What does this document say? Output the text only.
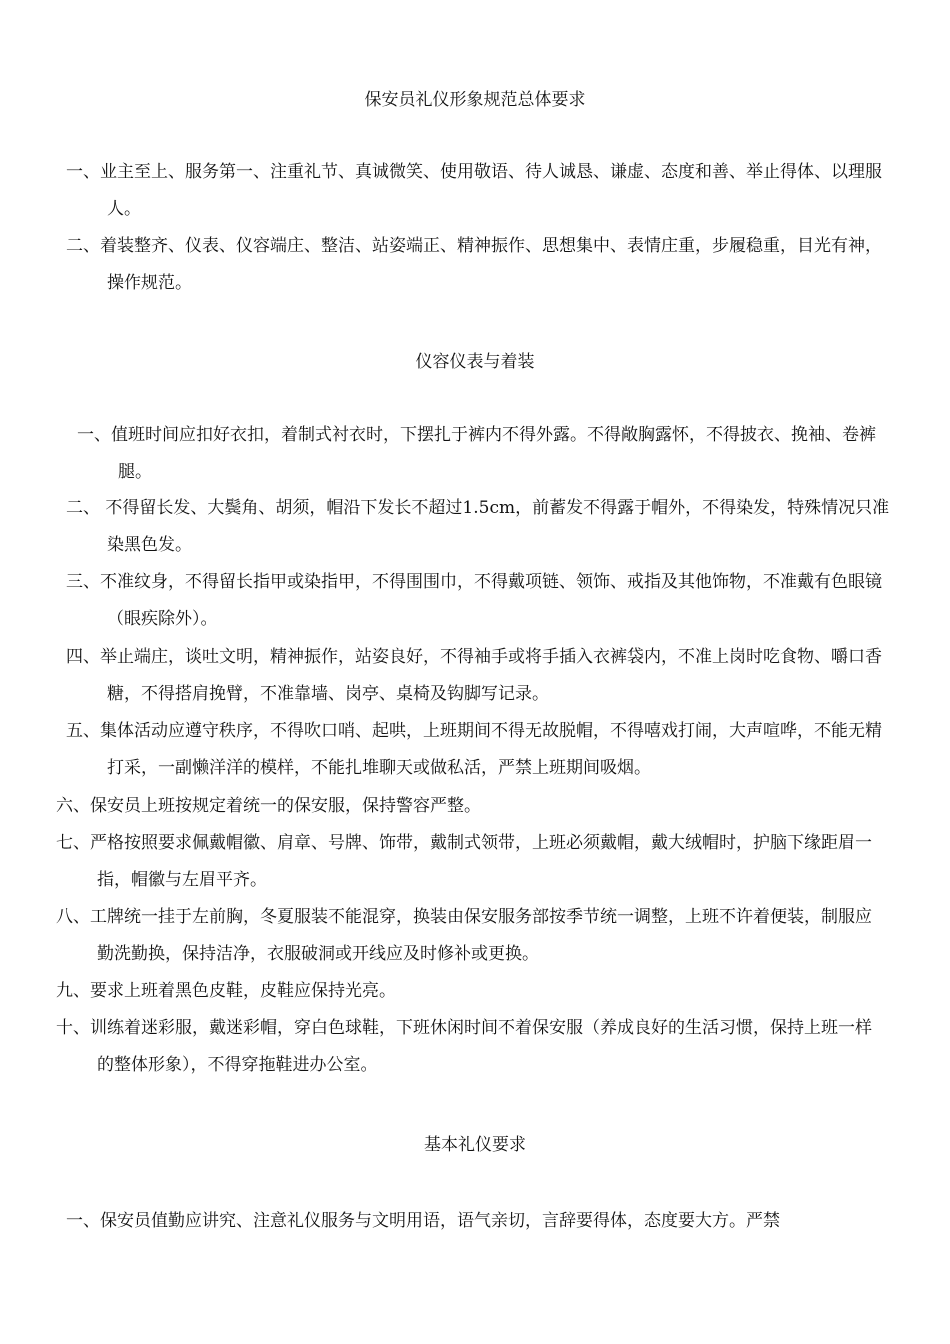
保安员礼仪形象规范总体要求
仪容仪表与着装
基本礼仪要求
一、业主至上、服务第一、注重礼节、真诚微笑、使用敬语、待人诚恳、谦虚、态度和善、举止得体、以理服人。
二、着装整齐、仪表、仪容端庄、整洁、站姿端正、精神振作、思想集中、表情庄重，步履稳重，目光有神，操作规范。
一、值班时间应扣好衣扣，着制式衬衣时，下摆扎于裤内不得外露。不得敞胸露怀，不得披衣、挽袖、卷裤腿。
二、 不得留长发、大鬓角、胡须，帽沿下发长不超过1.5cm，前蓄发不得露于帽外，不得染发，特殊情况只准染黑色发。
三、不准纹身，不得留长指甲或染指甲，不得围围巾，不得戴项链、领饰、戒指及其他饰物，不准戴有色眼镜（眼疾除外）。
四、举止端庄，谈吐文明，精神振作，站姿良好，不得袖手或将手插入衣裤袋内，不准上岗时吃食物、嚼口香糖，不得搭肩挽臂，不准靠墙、岗亭、桌椅及钩脚写记录。
五、集体活动应遵守秩序，不得吹口哨、起哄，上班期间不得无故脱帽，不得嘻戏打闹，大声喧哗，不能无精打采，一副懒洋洋的模样，不能扎堆聊天或做私活，严禁上班期间吸烟。
六、保安员上班按规定着统一的保安服，保持警容严整。
七、严格按照要求佩戴帽徽、肩章、号牌、饰带，戴制式领带，上班必须戴帽，戴大绒帽时，护脑下缘距眉一指，帽徽与左眉平齐。
八、工牌统一挂于左前胸，冬夏服装不能混穿，换装由保安服务部按季节统一调整，上班不许着便装，制服应勤洗勤换，保持洁净，衣服破洞或开线应及时修补或更换。
九、要求上班着黑色皮鞋，皮鞋应保持光亮。
十、训练着迷彩服，戴迷彩帽，穿白色球鞋，下班休闲时间不着保安服（养成良好的生活习惯，保持上班一样的整体形象），不得穿拖鞋进办公室。
一、保安员值勤应讲究、注意礼仪服务与文明用语，语气亲切，言辞要得体，态度要大方。严禁
